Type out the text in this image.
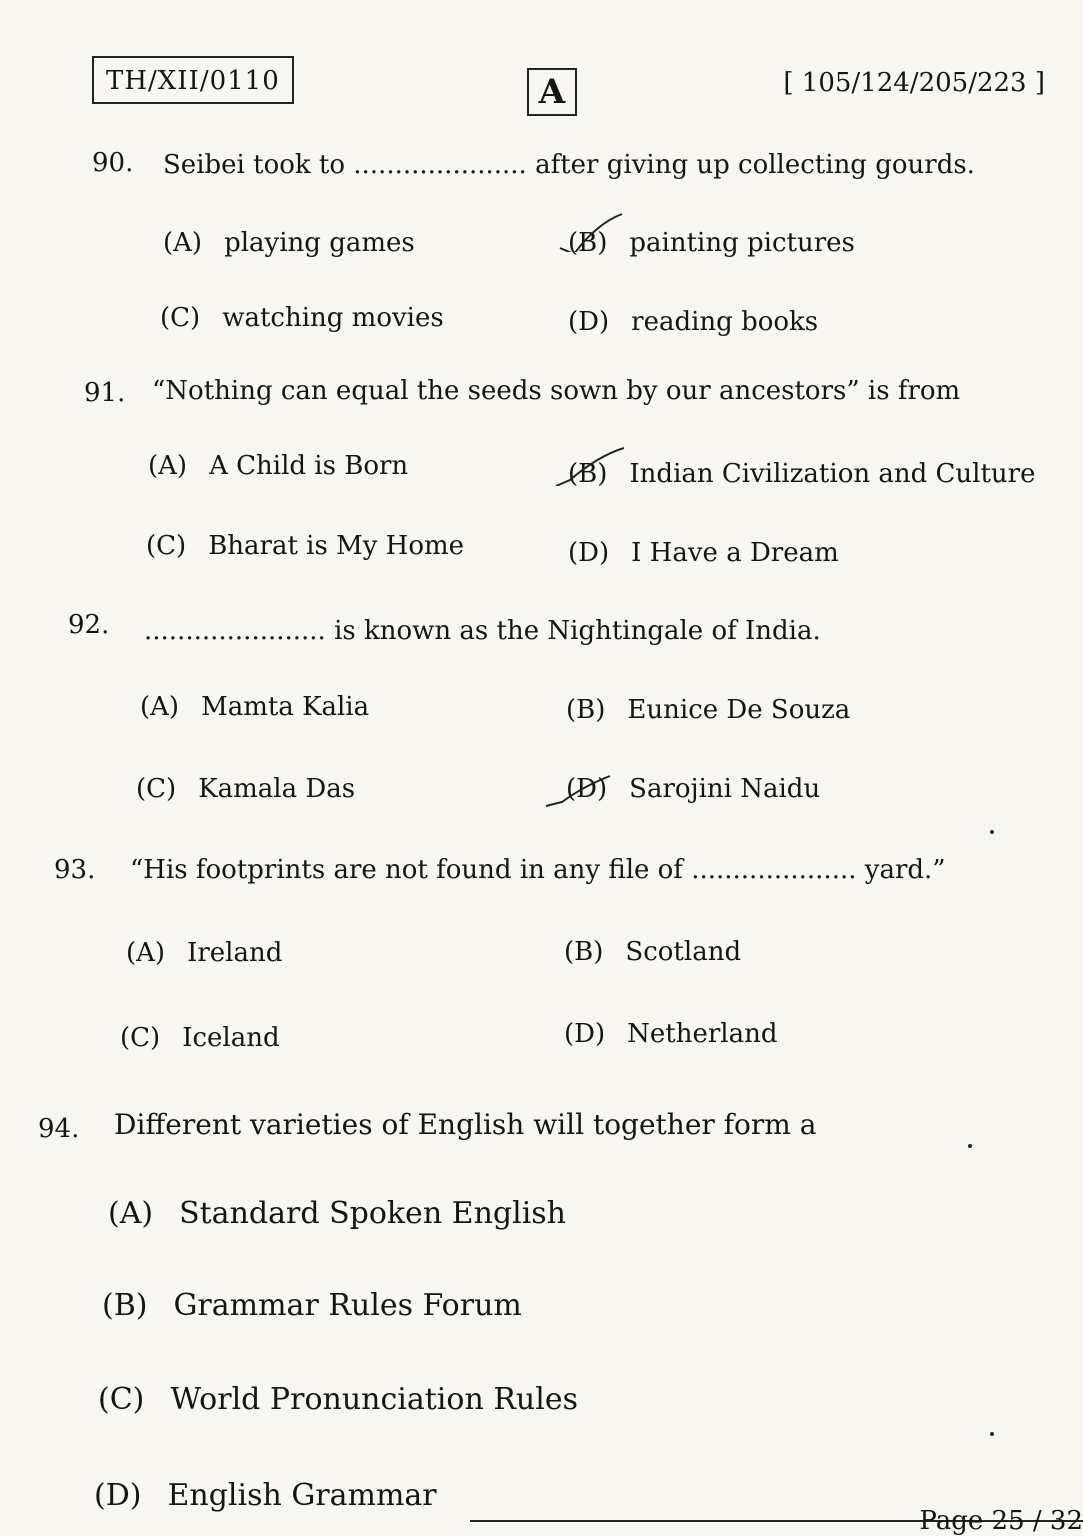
TH/XII/0110	A	[ 105/124/205/223 ]
90. Seibei took to ..................... after giving up collecting gourds.
(A) playing games	(B) painting pictures
(C) watching movies	(D) reading books
91. “Nothing can equal the seeds sown by our ancestors” is from
(A) A Child is Born	(B) Indian Civilization and Culture
(C) Bharat is My Home	(D) I Have a Dream
92. ...................... is known as the Nightingale of India.
(A) Mamta Kalia	(B) Eunice De Souza
(C) Kamala Das	(D) Sarojini Naidu
93. “His footprints are not found in any file of .................... yard.”
(A) Ireland	(B) Scotland
(C) Iceland	(D) Netherland
94. Different varieties of English will together form a
(A) Standard Spoken English
(B) Grammar Rules Forum
(C) World Pronunciation Rules
(D) English Grammar
Page 25 / 32
